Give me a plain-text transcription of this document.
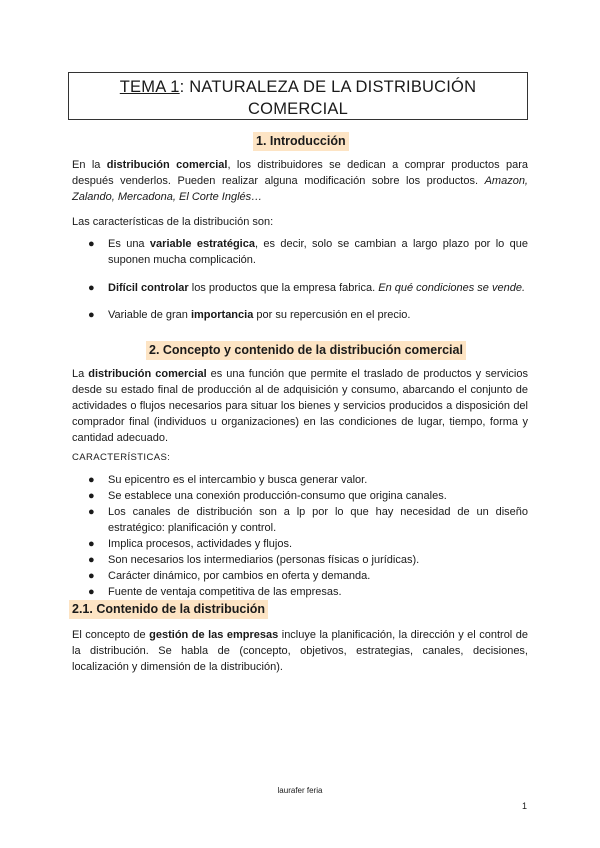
TEMA 1: NATURALEZA DE LA DISTRIBUCIÓN
COMERCIAL
1. Introducción
En la distribución comercial, los distribuidores se dedican a comprar productos para después venderlos. Pueden realizar alguna modificación sobre los productos. Amazon, Zalando, Mercadona, El Corte Inglés…
Las características de la distribución son:
● Es una variable estratégica, es decir, solo se cambian a largo plazo por lo que suponen mucha complicación.
● Difícil controlar los productos que la empresa fabrica. En qué condiciones se vende.
● Variable de gran importancia por su repercusión en el precio.
2. Concepto y contenido de la distribución comercial
La distribución comercial es una función que permite el traslado de productos y servicios desde su estado final de producción al de adquisición y consumo, abarcando el conjunto de actividades o flujos necesarios para situar los bienes y servicios producidos a disposición del comprador final (individuos u organizaciones) en las condiciones de lugar, tiempo, forma y cantidad adecuado.
CARACTERÍSTICAS:
● Su epicentro es el intercambio y busca generar valor.
● Se establece una conexión producción-consumo que origina canales.
● Los canales de distribución son a lp por lo que hay necesidad de un diseño estratégico: planificación y control.
● Implica procesos, actividades y flujos.
● Son necesarios los intermediarios (personas físicas o jurídicas).
● Carácter dinámico, por cambios en oferta y demanda.
● Fuente de ventaja competitiva de las empresas.
2.1. Contenido de la distribución
El concepto de gestión de las empresas incluye la planificación, la dirección y el control de la distribución. Se habla de (concepto, objetivos, estrategias, canales, decisiones, localización y dimensión de la distribución).
laurafer feria
1
